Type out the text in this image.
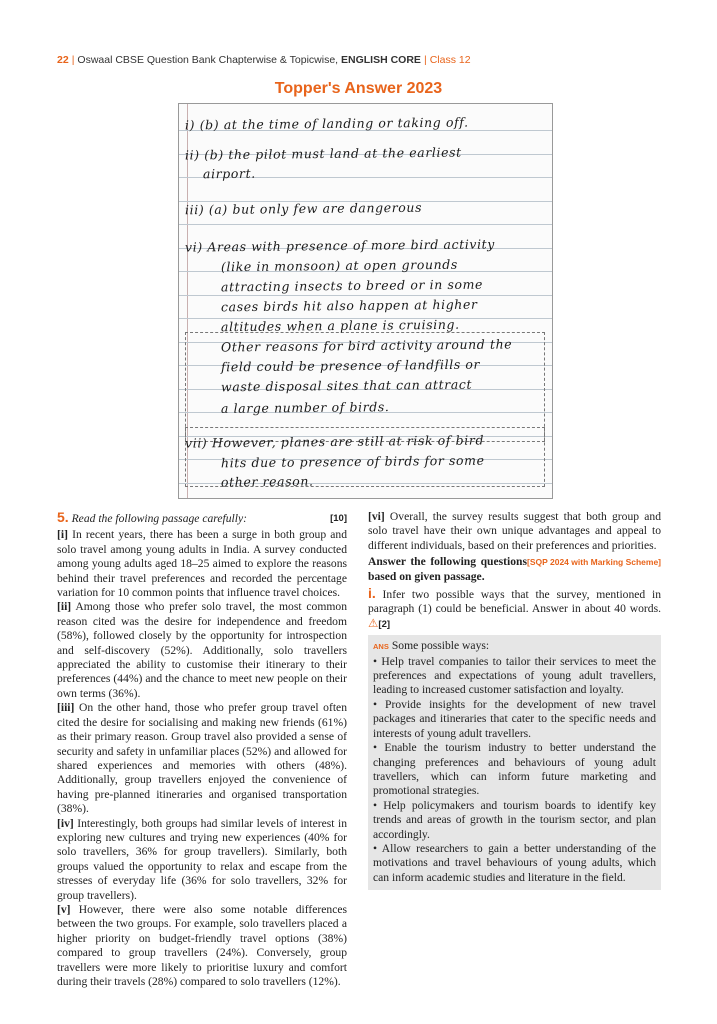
22 | Oswaal CBSE Question Bank Chapterwise & Topicwise, ENGLISH CORE | Class 12
Topper's Answer 2023
i) (b) at the time of landing or taking off.
ii) (b) the pilot must land at the earliest
airport.
iii) (a) but only few are dangerous
vi) Areas with presence of more bird activity
(like in monsoon) at open grounds
attracting insects to breed or in some
cases birds hit also happen at higher
altitudes when a plane is cruising.
Other reasons for bird activity around the
field could be presence of landfills or
waste disposal sites that can attract
a large number of birds.
vii) However, planes are still at risk of bird
hits due to presence of birds for some
other reason.
5. Read the following passage carefully:	[10]

[i] In recent years, there has been a surge in both group and solo travel among young adults in India. A survey conducted among young adults aged 18–25 aimed to explore the reasons behind their travel preferences and recorded the percentage variation for 10 common points that influence travel choices.

[ii] Among those who prefer solo travel, the most common reason cited was the desire for independence and freedom (58%), followed closely by the opportunity for introspection and self-discovery (52%). Additionally, solo travellers appreciated the ability to customise their itinerary to their preferences (44%) and the chance to meet new people on their own terms (36%).

[iii] On the other hand, those who prefer group travel often cited the desire for socialising and making new friends (61%) as their primary reason. Group travel also provided a sense of security and safety in unfamiliar places (52%) and allowed for shared experiences and memories with others (48%). Additionally, group travellers enjoyed the convenience of having pre-planned itineraries and organised transportation (38%).

[iv] Interestingly, both groups had similar levels of interest in exploring new cultures and trying new experiences (40% for solo travellers, 36% for group travellers). Similarly, both groups valued the opportunity to relax and escape from the stresses of everyday life (36% for solo travellers, 32% for group travellers).

[v] However, there were also some notable differences between the two groups. For example, solo travellers placed a higher priority on budget-friendly travel options (38%) compared to group travellers (24%). Conversely, group travellers were more likely to prioritise luxury and comfort during their travels (28%) compared to solo travellers (12%).

[vi] Overall, the survey results suggest that both group and solo travel have their own unique advantages and appeal to different individuals, based on their preferences and priorities.
[SQP 2024 with Marking Scheme]

Answer the following questions based on given passage.

i. Infer two possible ways that the survey, mentioned in paragraph (1) could be beneficial. Answer in about 40 words. ⚠[2]

ANS Some possible ways:

• Help travel companies to tailor their services to meet the preferences and expectations of young adult travellers, leading to increased customer satisfaction and loyalty.

• Provide insights for the development of new travel packages and itineraries that cater to the specific needs and interests of young adult travellers.

• Enable the tourism industry to better understand the changing preferences and behaviours of young adult travellers, which can inform future marketing and promotional strategies.

• Help policymakers and tourism boards to identify key trends and areas of growth in the tourism sector, and plan accordingly.

• Allow researchers to gain a better understanding of the motivations and travel behaviours of young adults, which can inform academic studies and literature in the field.
